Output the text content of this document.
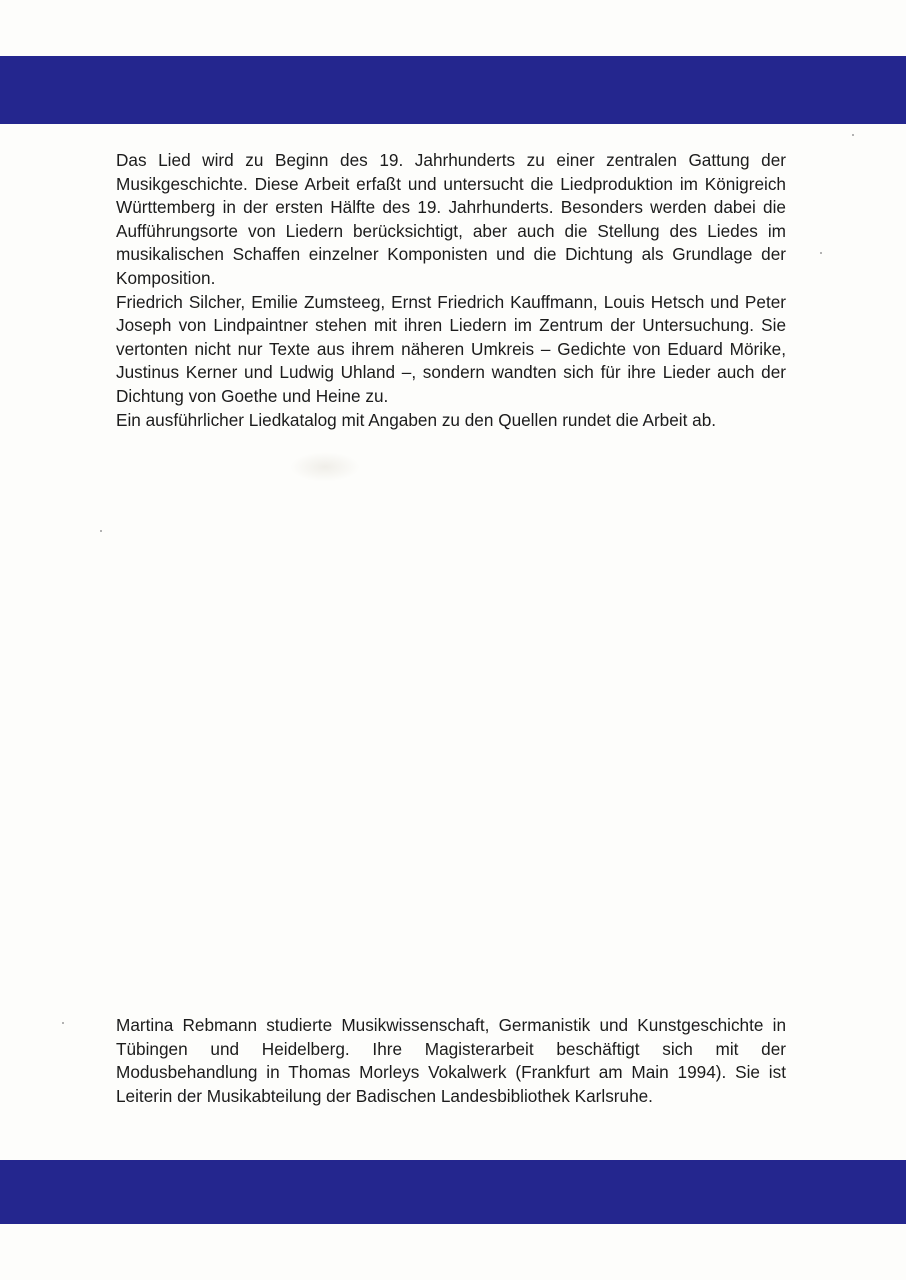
Das Lied wird zu Beginn des 19. Jahrhunderts zu einer zentralen Gattung der Musikgeschichte. Diese Arbeit erfaßt und untersucht die Liedproduktion im Königreich Württemberg in der ersten Hälfte des 19. Jahrhunderts. Besonders werden dabei die Aufführungsorte von Liedern berücksichtigt, aber auch die Stellung des Liedes im musikalischen Schaffen einzelner Komponisten und die Dichtung als Grundlage der Komposition.

Friedrich Silcher, Emilie Zumsteeg, Ernst Friedrich Kauffmann, Louis Hetsch und Peter Joseph von Lindpaintner stehen mit ihren Liedern im Zentrum der Untersuchung. Sie vertonten nicht nur Texte aus ihrem näheren Umkreis – Gedichte von Eduard Mörike, Justinus Kerner und Ludwig Uhland –, sondern wandten sich für ihre Lieder auch der Dichtung von Goethe und Heine zu.

Ein ausführlicher Liedkatalog mit Angaben zu den Quellen rundet die Arbeit ab.

Martina Rebmann studierte Musikwissenschaft, Germanistik und Kunstgeschichte in Tübingen und Heidelberg. Ihre Magisterarbeit beschäftigt sich mit der Modusbehandlung in Thomas Morleys Vokalwerk (Frankfurt am Main 1994). Sie ist Leiterin der Musikabteilung der Badischen Landesbibliothek Karlsruhe.
